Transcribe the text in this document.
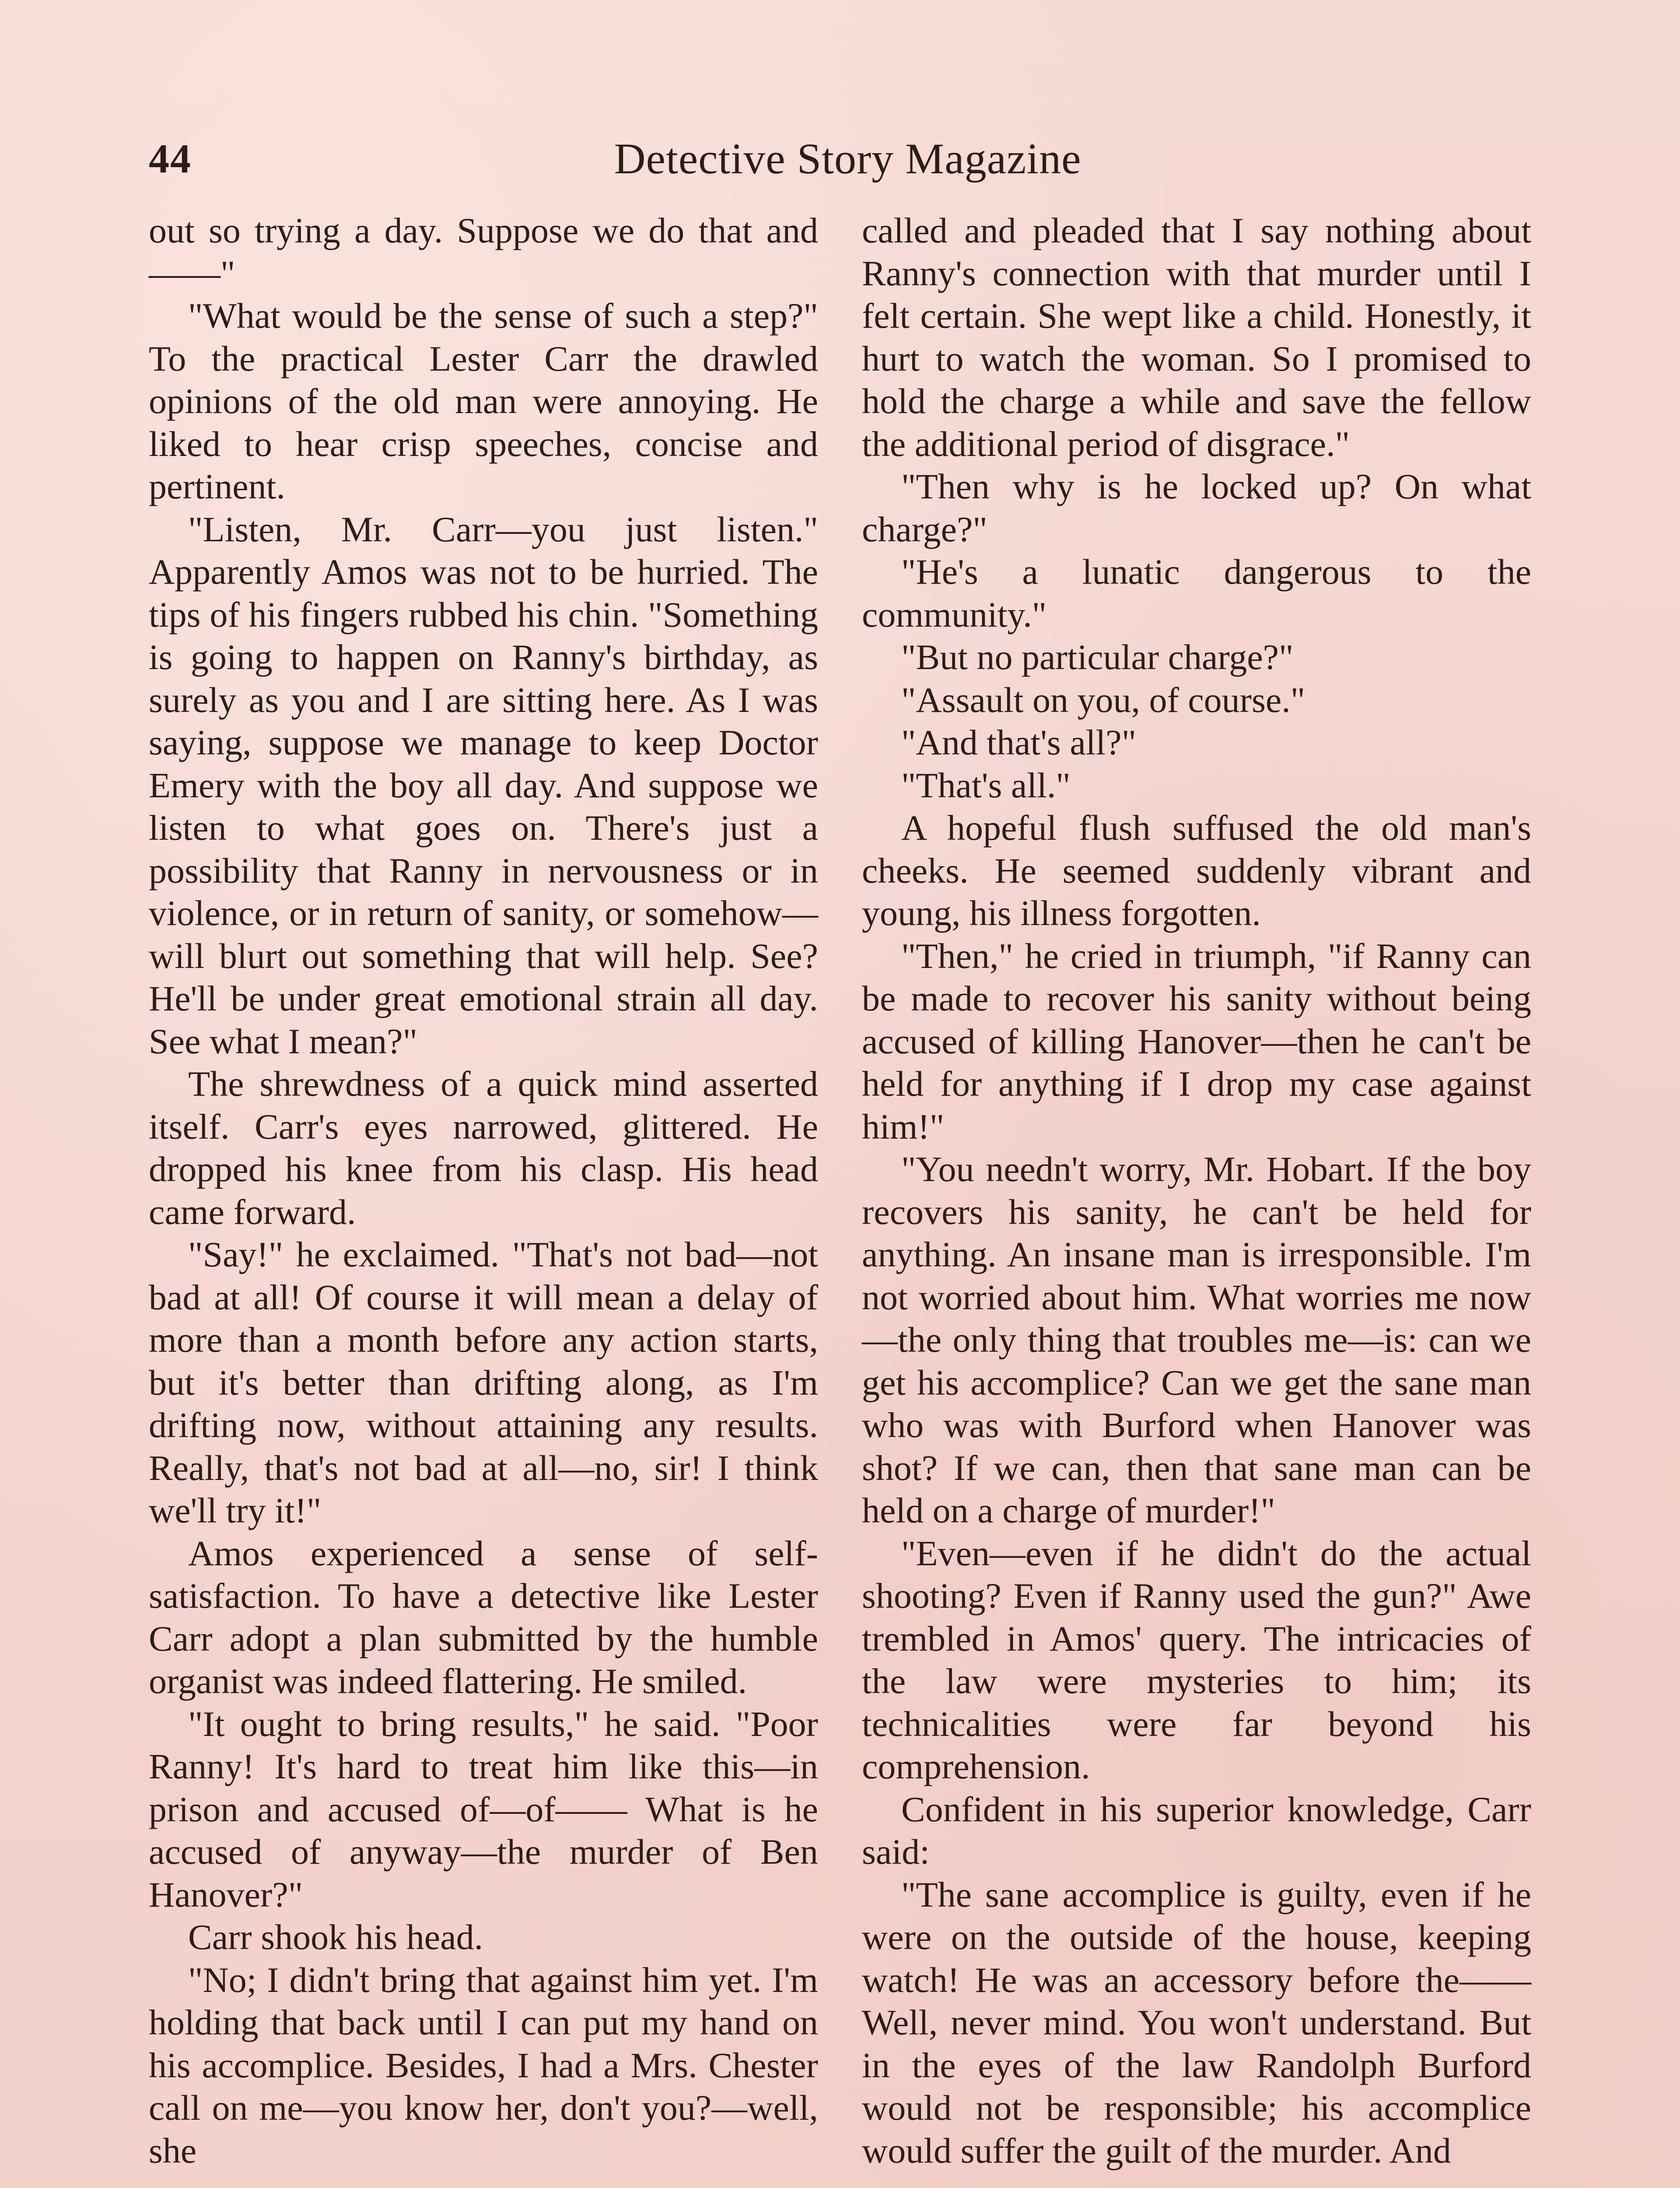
44	Detective Story Magazine

out so trying a day. Suppose we do that and——"

"What would be the sense of such a step?" To the practical Lester Carr the drawled opinions of the old man were annoying. He liked to hear crisp speeches, concise and pertinent.

"Listen, Mr. Carr—you just listen." Apparently Amos was not to be hurried. The tips of his fingers rubbed his chin. "Something is going to happen on Ranny's birthday, as surely as you and I are sitting here. As I was saying, suppose we manage to keep Doctor Emery with the boy all day. And suppose we listen to what goes on. There's just a possibility that Ranny in nervousness or in violence, or in return of sanity, or somehow—will blurt out something that will help. See? He'll be under great emotional strain all day. See what I mean?"

The shrewdness of a quick mind asserted itself. Carr's eyes narrowed, glittered. He dropped his knee from his clasp. His head came forward.

"Say!" he exclaimed. "That's not bad—not bad at all! Of course it will mean a delay of more than a month before any action starts, but it's better than drifting along, as I'm drifting now, without attaining any results. Really, that's not bad at all—no, sir! I think we'll try it!"

Amos experienced a sense of self-satisfaction. To have a detective like Lester Carr adopt a plan submitted by the humble organist was indeed flattering. He smiled.

"It ought to bring results," he said. "Poor Ranny! It's hard to treat him like this—in prison and accused of—of—— What is he accused of anyway—the murder of Ben Hanover?"

Carr shook his head.

"No; I didn't bring that against him yet. I'm holding that back until I can put my hand on his accomplice. Besides, I had a Mrs. Chester call on me—you know her, don't you?—well, she

called and pleaded that I say nothing about Ranny's connection with that murder until I felt certain. She wept like a child. Honestly, it hurt to watch the woman. So I promised to hold the charge a while and save the fellow the additional period of disgrace."

"Then why is he locked up? On what charge?"

"He's a lunatic dangerous to the community."

"But no particular charge?"

"Assault on you, of course."

"And that's all?"

"That's all."

A hopeful flush suffused the old man's cheeks. He seemed suddenly vibrant and young, his illness forgotten.

"Then," he cried in triumph, "if Ranny can be made to recover his sanity without being accused of killing Hanover—then he can't be held for anything if I drop my case against him!"

"You needn't worry, Mr. Hobart. If the boy recovers his sanity, he can't be held for anything. An insane man is irresponsible. I'm not worried about him. What worries me now—the only thing that troubles me—is: can we get his accomplice? Can we get the sane man who was with Burford when Hanover was shot? If we can, then that sane man can be held on a charge of murder!"

"Even—even if he didn't do the actual shooting? Even if Ranny used the gun?" Awe trembled in Amos' query. The intricacies of the law were mysteries to him; its technicalities were far beyond his comprehension.

Confident in his superior knowledge, Carr said:

"The sane accomplice is guilty, even if he were on the outside of the house, keeping watch! He was an accessory before the—— Well, never mind. You won't understand. But in the eyes of the law Randolph Burford would not be responsible; his accomplice would suffer the guilt of the murder. And
